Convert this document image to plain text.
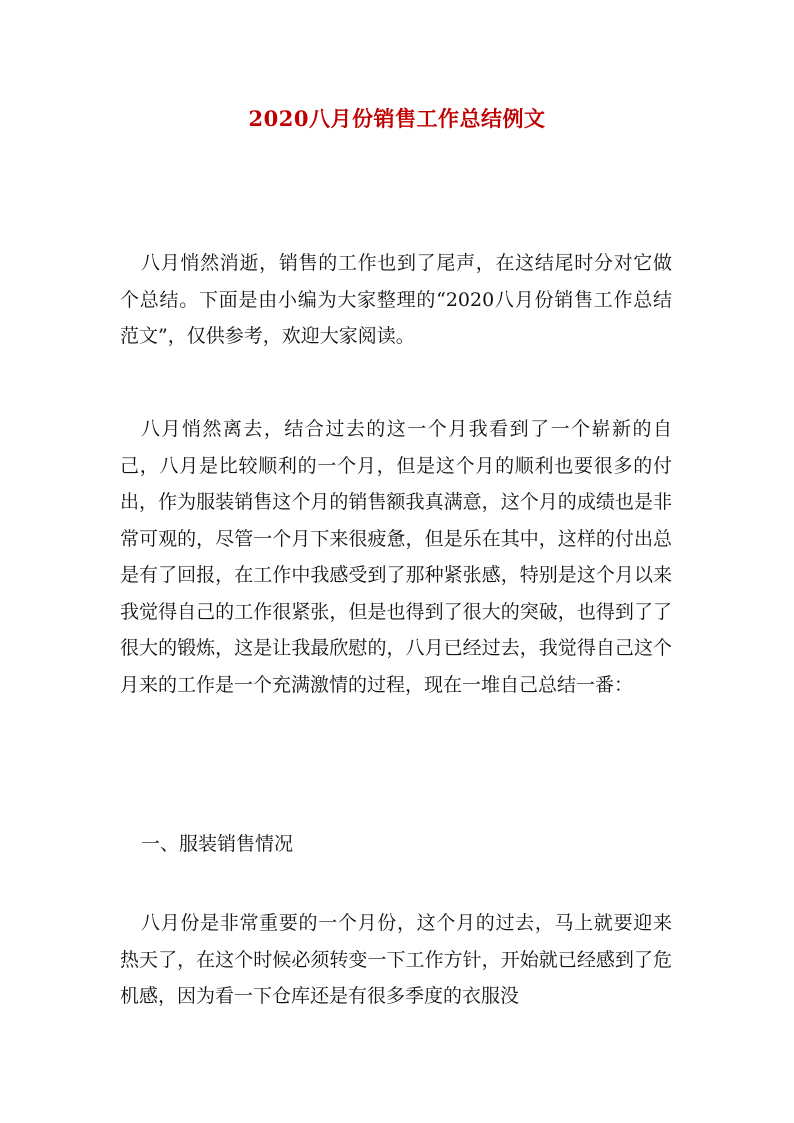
2020八月份销售工作总结例文

八月悄然消逝，销售的工作也到了尾声，在这结尾时分对它做个总结。下面是由小编为大家整理的“2020八月份销售工作总结范文”，仅供参考，欢迎大家阅读。

八月悄然离去，结合过去的这一个月我看到了一个崭新的自己，八月是比较顺利的一个月，但是这个月的顺利也要很多的付出，作为服装销售这个月的销售额我真满意，这个月的成绩也是非常可观的，尽管一个月下来很疲惫，但是乐在其中，这样的付出总是有了回报，在工作中我感受到了那种紧张感，特别是这个月以来我觉得自己的工作很紧张，但是也得到了很大的突破，也得到了了很大的锻炼，这是让我最欣慰的，八月已经过去，我觉得自己这个月来的工作是一个充满激情的过程，现在一堆自己总结一番：

一、服装销售情况

八月份是非常重要的一个月份，这个月的过去，马上就要迎来热天了，在这个时候必须转变一下工作方针，开始就已经感到了危机感，因为看一下仓库还是有很多季度的衣服没
